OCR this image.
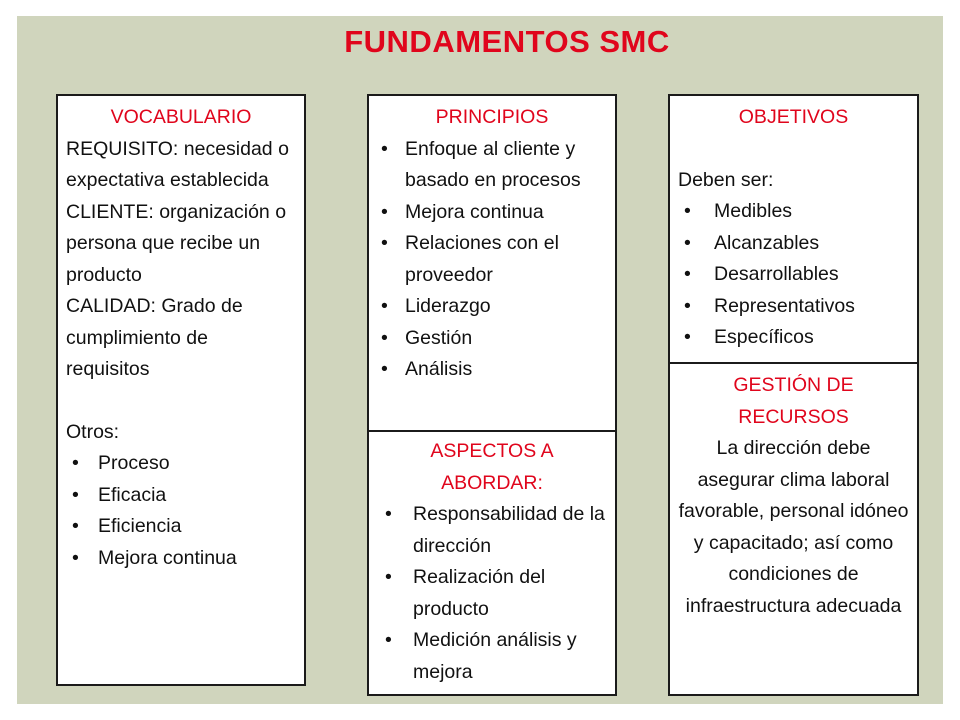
FUNDAMENTOS SMC
VOCABULARIO
REQUISITO: necesidad o expectativa establecida
CLIENTE: organización o persona que recibe un producto
CALIDAD: Grado de cumplimiento de requisitos
Otros:
• Proceso
• Eficacia
• Eficiencia
• Mejora continua
PRINCIPIOS
• Enfoque al cliente y  basado en procesos
• Mejora continua
• Relaciones con el proveedor
• Liderazgo
• Gestión
• Análisis
ASPECTOS A ABORDAR:
• Responsabilidad de la dirección
• Realización del producto
• Medición análisis y mejora
OBJETIVOS
Deben ser:
• Medibles
• Alcanzables
• Desarrollables
• Representativos
• Específicos
GESTIÓN DE RECURSOS
La dirección debe asegurar clima laboral favorable, personal idóneo y capacitado; así como condiciones de infraestructura adecuada
